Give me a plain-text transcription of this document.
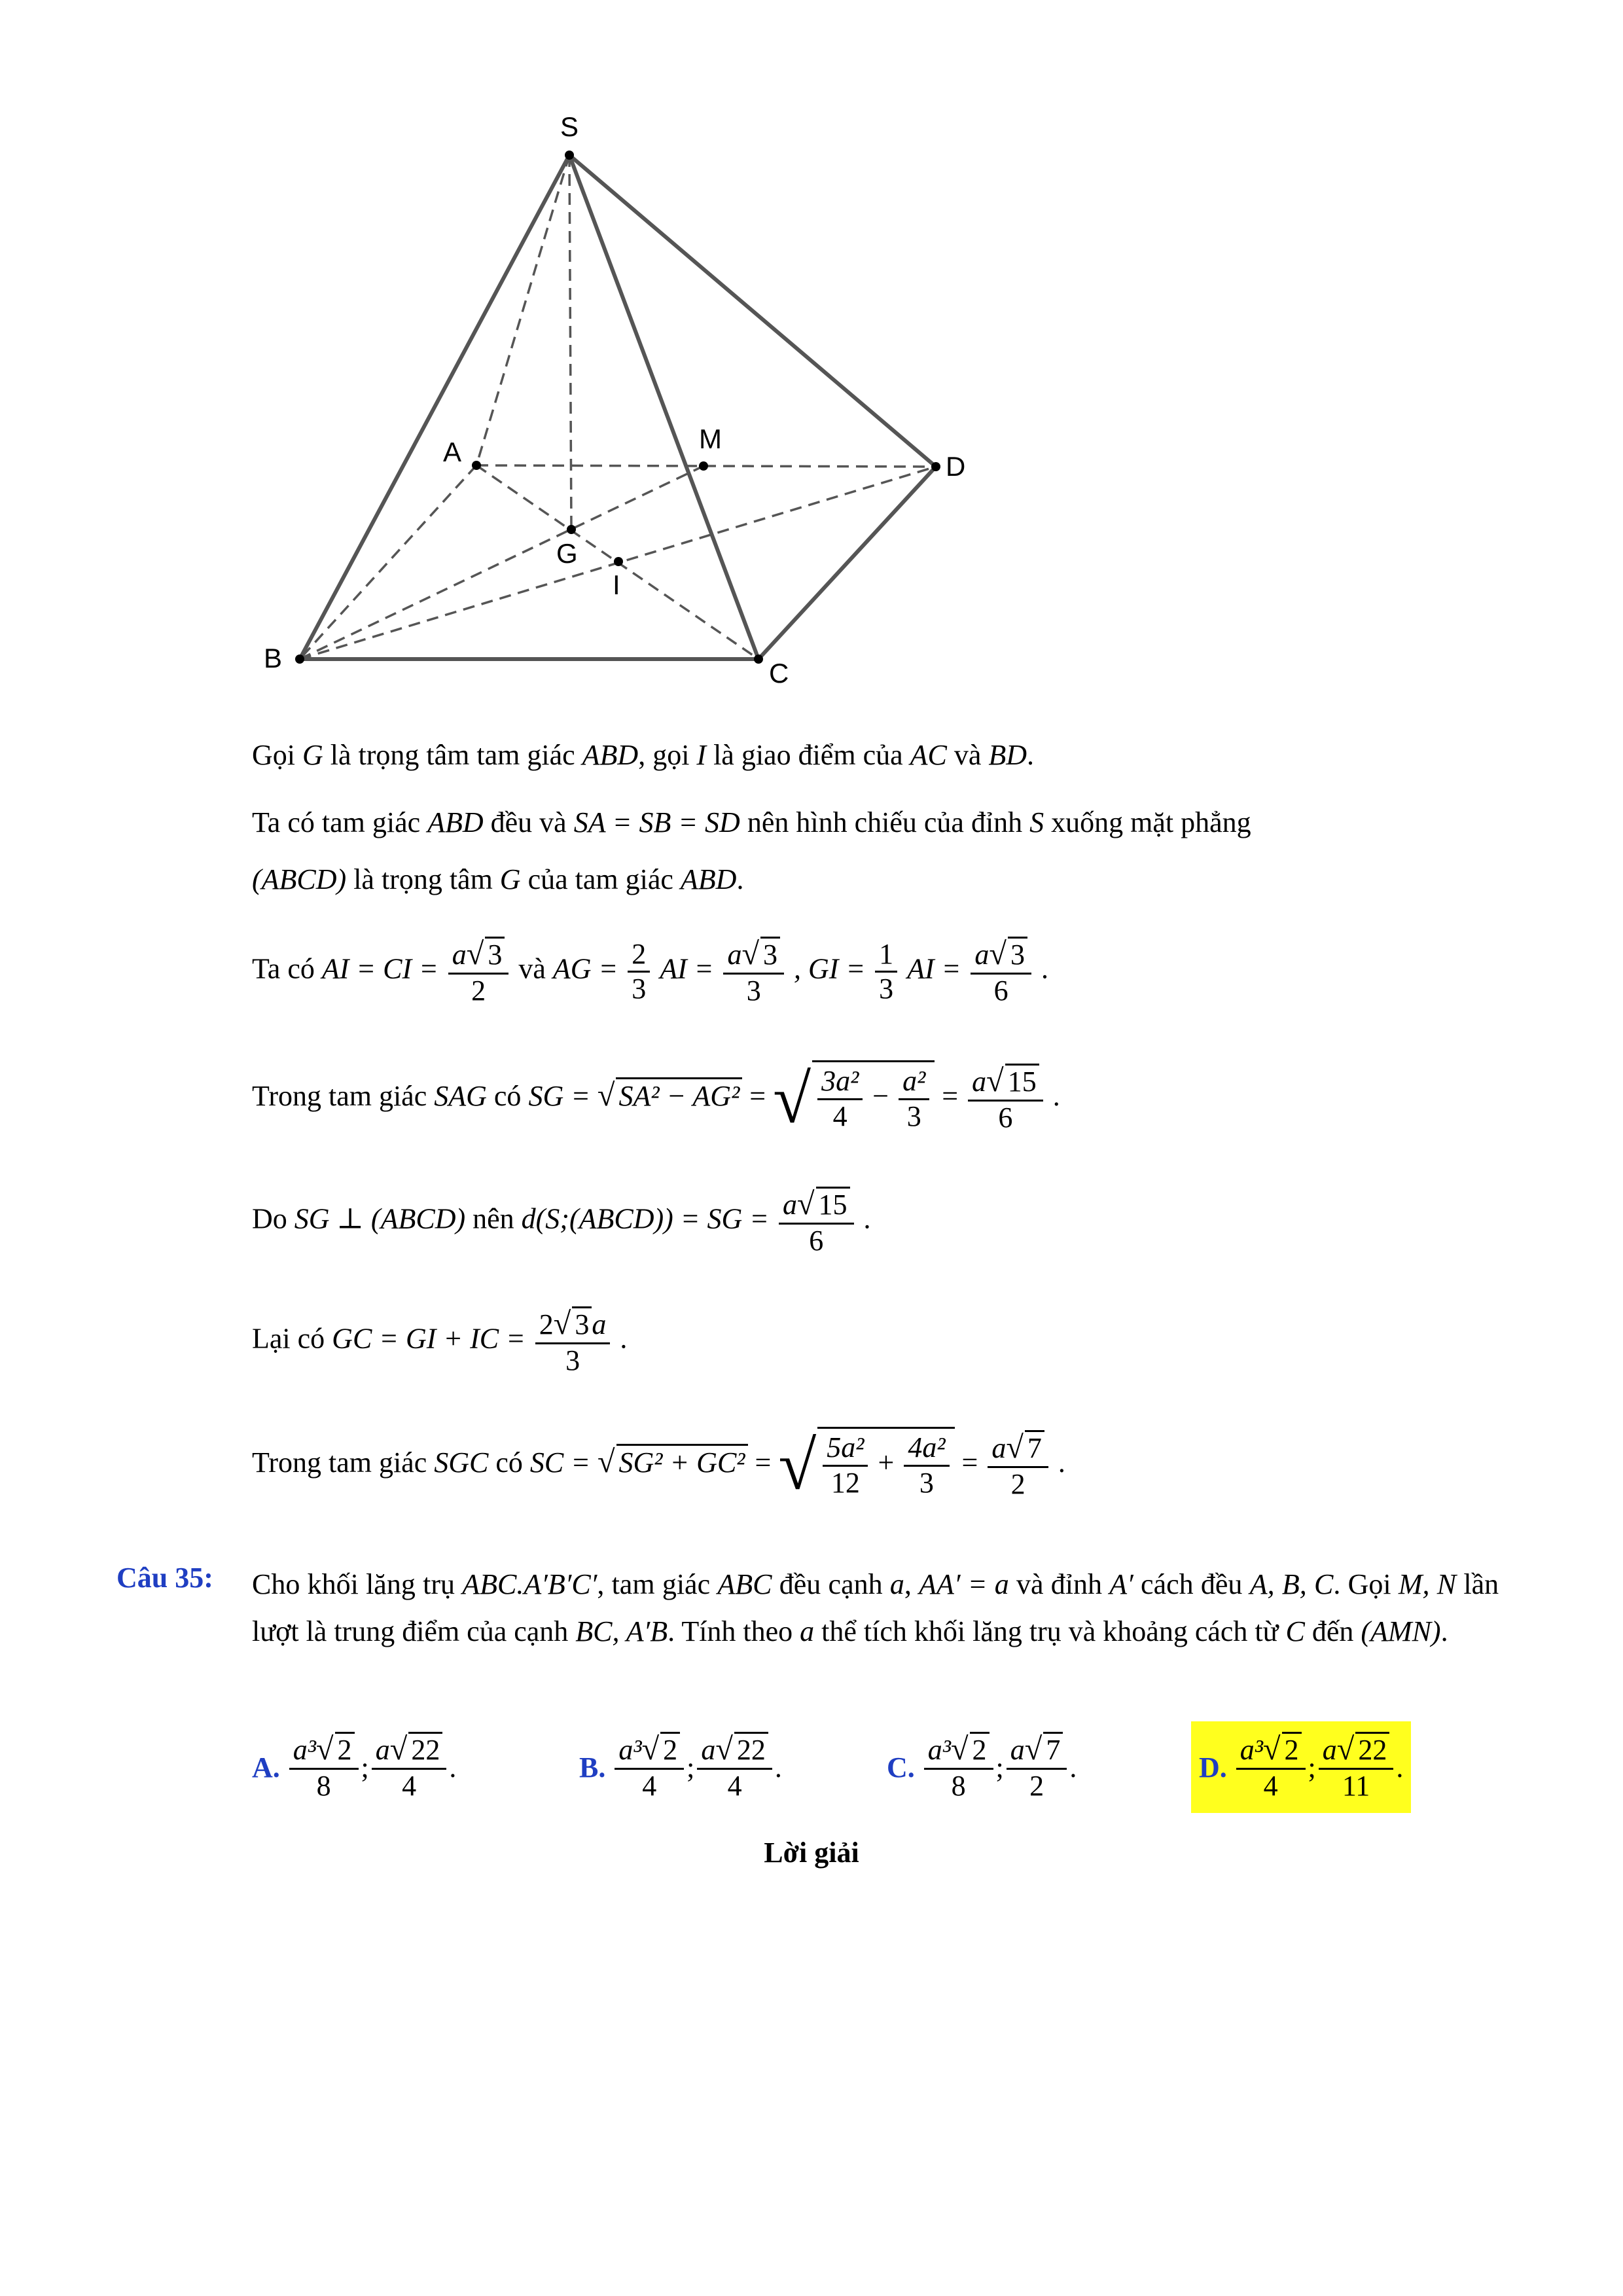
S
A
B	C
D
M
G
I
Gọi G là trọng tâm tam giác ABD, gọi I là giao điểm của AC và BD.
Ta có tam giác ABD đều và SA = SB = SD nên hình chiếu của đỉnh S xuống mặt phẳng
(ABCD) là trọng tâm G của tam giác ABD.
Ta có AI = CI = $\frac{a√ 3}{2}$ và AG = $\frac{2}{3}$ AI = $\frac{a√ 3}{3}$ , GI = $\frac{1}{3}$ AI = $\frac{a√ 3}{6}$ .
Trong tam giác SAG có SG = √ SA² − AG² = √ $\frac{\text{3a²}}{4} - \frac{\text{a²}}{3} = \frac{a√ 15}{6}$ .
Do SG ⊥ (ABCD) nên d(S;(ABCD)) = SG = $\frac{a√ 15}{6}$ .
Lại có GC = GI + IC = $\frac{2√ 3a}{3}$ .
Trong tam giác SGC có SC = √ SG² + GC² = √ $\frac{\text{5a²}}{12} + \frac{\text{4a²}}{3} = \frac{a√ 7}{2}$ .
Câu 35: Cho khối lăng trụ ABC.A′B′C′, tam giác ABC đều cạnh a, AA′ = a và đỉnh A′ cách đều A, B, C. Gọi M, N lần lượt là trung điểm của cạnh BC, A′B. Tính theo a thể tích khối lăng trụ và khoảng cách từ C đến (AMN).
A. $\frac{\text{a³√ 2}}{8}$ ; $\frac{a√ 22}{4}$ .	B. $\frac{\text{a³√ 2}}{4}$ ; $\frac{a√ 22}{4}$ .	C. $\frac{\text{a³√ 2}}{8}$ ; $\frac{a√ 7}{2}$ .	D. $\frac{\text{a³√ 2}}{4}$ ; $\frac{a√ 22}{11}$ .
Lời giải
